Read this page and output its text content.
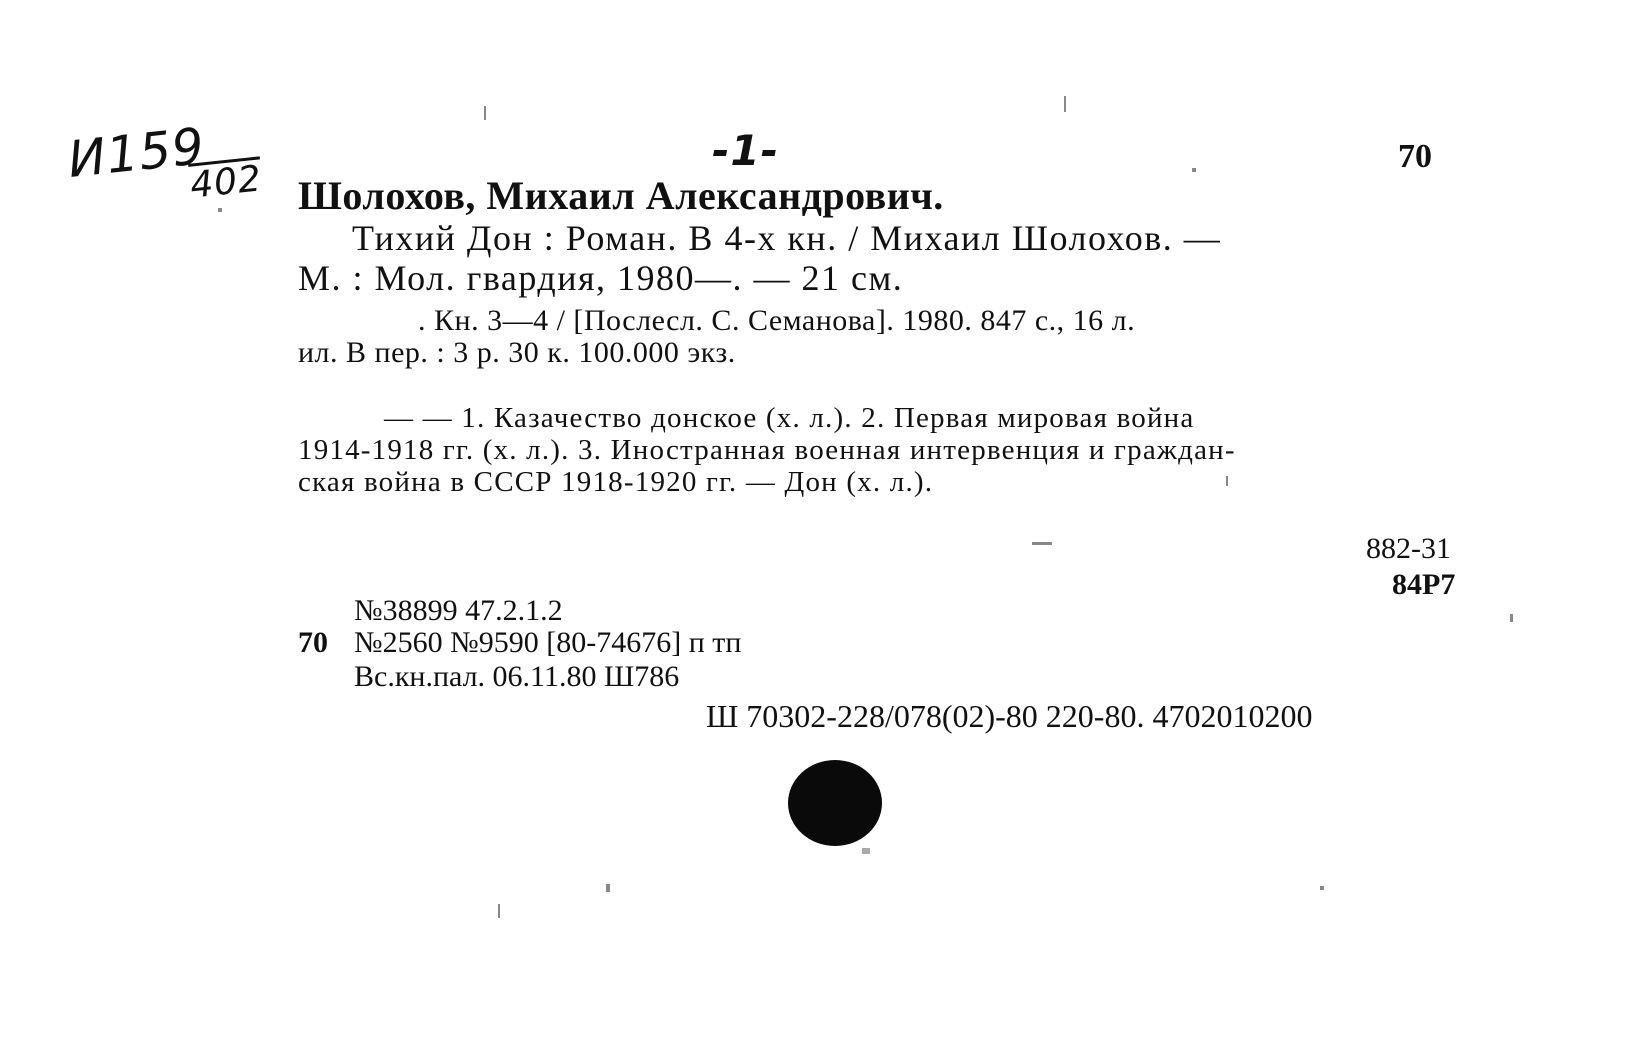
И159
402
-1-	70
Шолохов, Михаил Александрович.
Тихий Дон : Роман. В 4-х кн. / Михаил Шолохов. —
М. : Мол. гвардия, 1980—. — 21 см.
. Кн. 3—4 / [Послесл. С. Семанова]. 1980. 847 с., 16 л.
ил. В пер. : 3 р. 30 к. 100.000 экз.
— — 1. Казачество донское (х. л.). 2. Первая мировая война
1914-1918 гг. (х. л.). 3. Иностранная военная интервенция и граждан-
ская война в СССР 1918-1920 гг. — Дон (х. л.).
882-31
84Р7
№38899 47.2.1.2
70 №2560 №9590 [80-74676] п тп
Вс.кн.пал. 06.11.80 Ш786
Ш 70302-228/078(02)-80 220-80. 4702010200
